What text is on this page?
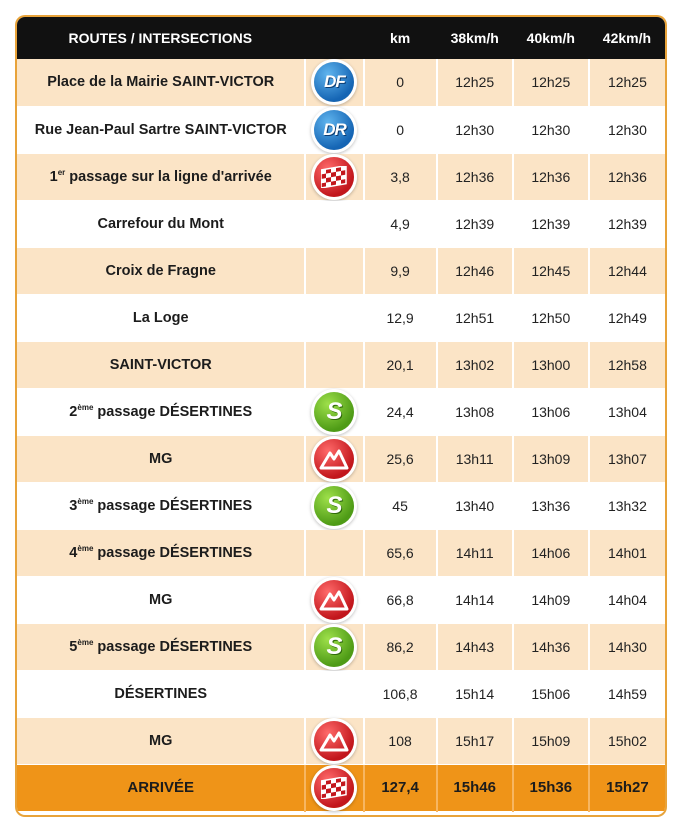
ROUTES / INTERSECTIONS		km	38km/h	40km/h	42km/h
Place de la Mairie SAINT-VICTOR	DF	0	12h25	12h25	12h25
Rue Jean-Paul Sartre SAINT-VICTOR	DR	0	12h30	12h30	12h30
1er passage sur la ligne d'arrivée		3,8	12h36	12h36	12h36
Carrefour du Mont		4,9	12h39	12h39	12h39
Croix de Fragne		9,9	12h46	12h45	12h44
La Loge		12,9	12h51	12h50	12h49
SAINT-VICTOR		20,1	13h02	13h00	12h58
2ème passage DÉSERTINES	S	24,4	13h08	13h06	13h04
MG		25,6	13h11	13h09	13h07
3ème passage DÉSERTINES	S	45	13h40	13h36	13h32
4ème passage DÉSERTINES		65,6	14h11	14h06	14h01
MG		66,8	14h14	14h09	14h04
5ème passage DÉSERTINES	S	86,2	14h43	14h36	14h30
DÉSERTINES		106,8	15h14	15h06	14h59
MG		108	15h17	15h09	15h02
ARRIVÉE		127,4	15h46	15h36	15h27
